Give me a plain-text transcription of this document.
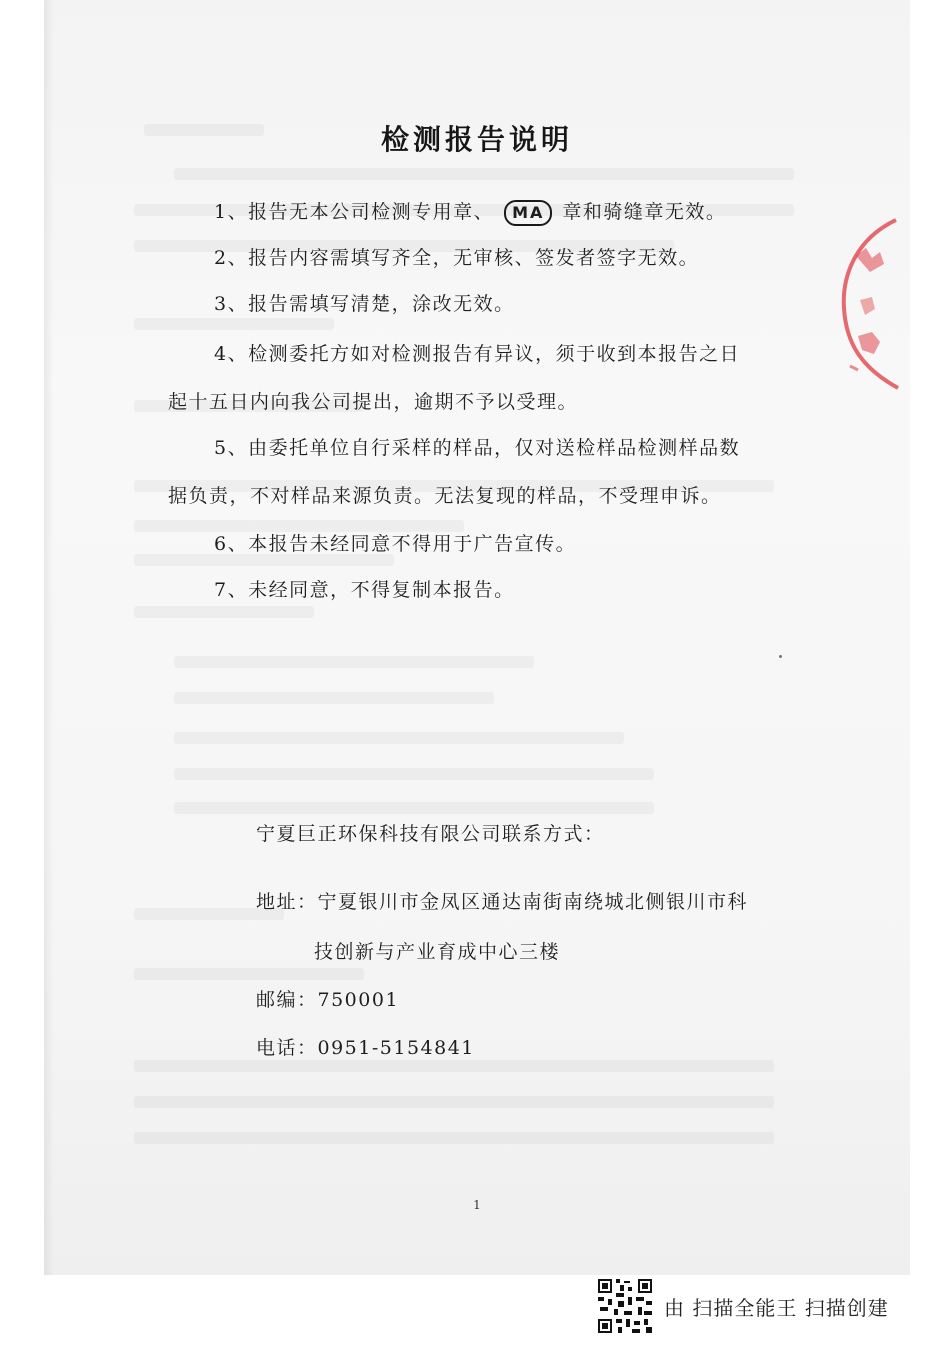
检测报告说明
1、报告无本公司检测专用章、 MA 章和骑缝章无效。
2、报告内容需填写齐全，无审核、签发者签字无效。
3、报告需填写清楚，涂改无效。
4、检测委托方如对检测报告有异议，须于收到本报告之日
起十五日内向我公司提出，逾期不予以受理。
5、由委托单位自行采样的样品，仅对送检样品检测样品数
据负责，不对样品来源负责。无法复现的样品，不受理申诉。
6、本报告未经同意不得用于广告宣传。
7、未经同意，不得复制本报告。
宁夏巨正环保科技有限公司联系方式：
地址：宁夏银川市金凤区通达南街南绕城北侧银川市科
技创新与产业育成中心三楼
邮编：750001
电话：0951-5154841
1
由 扫描全能王 扫描创建
